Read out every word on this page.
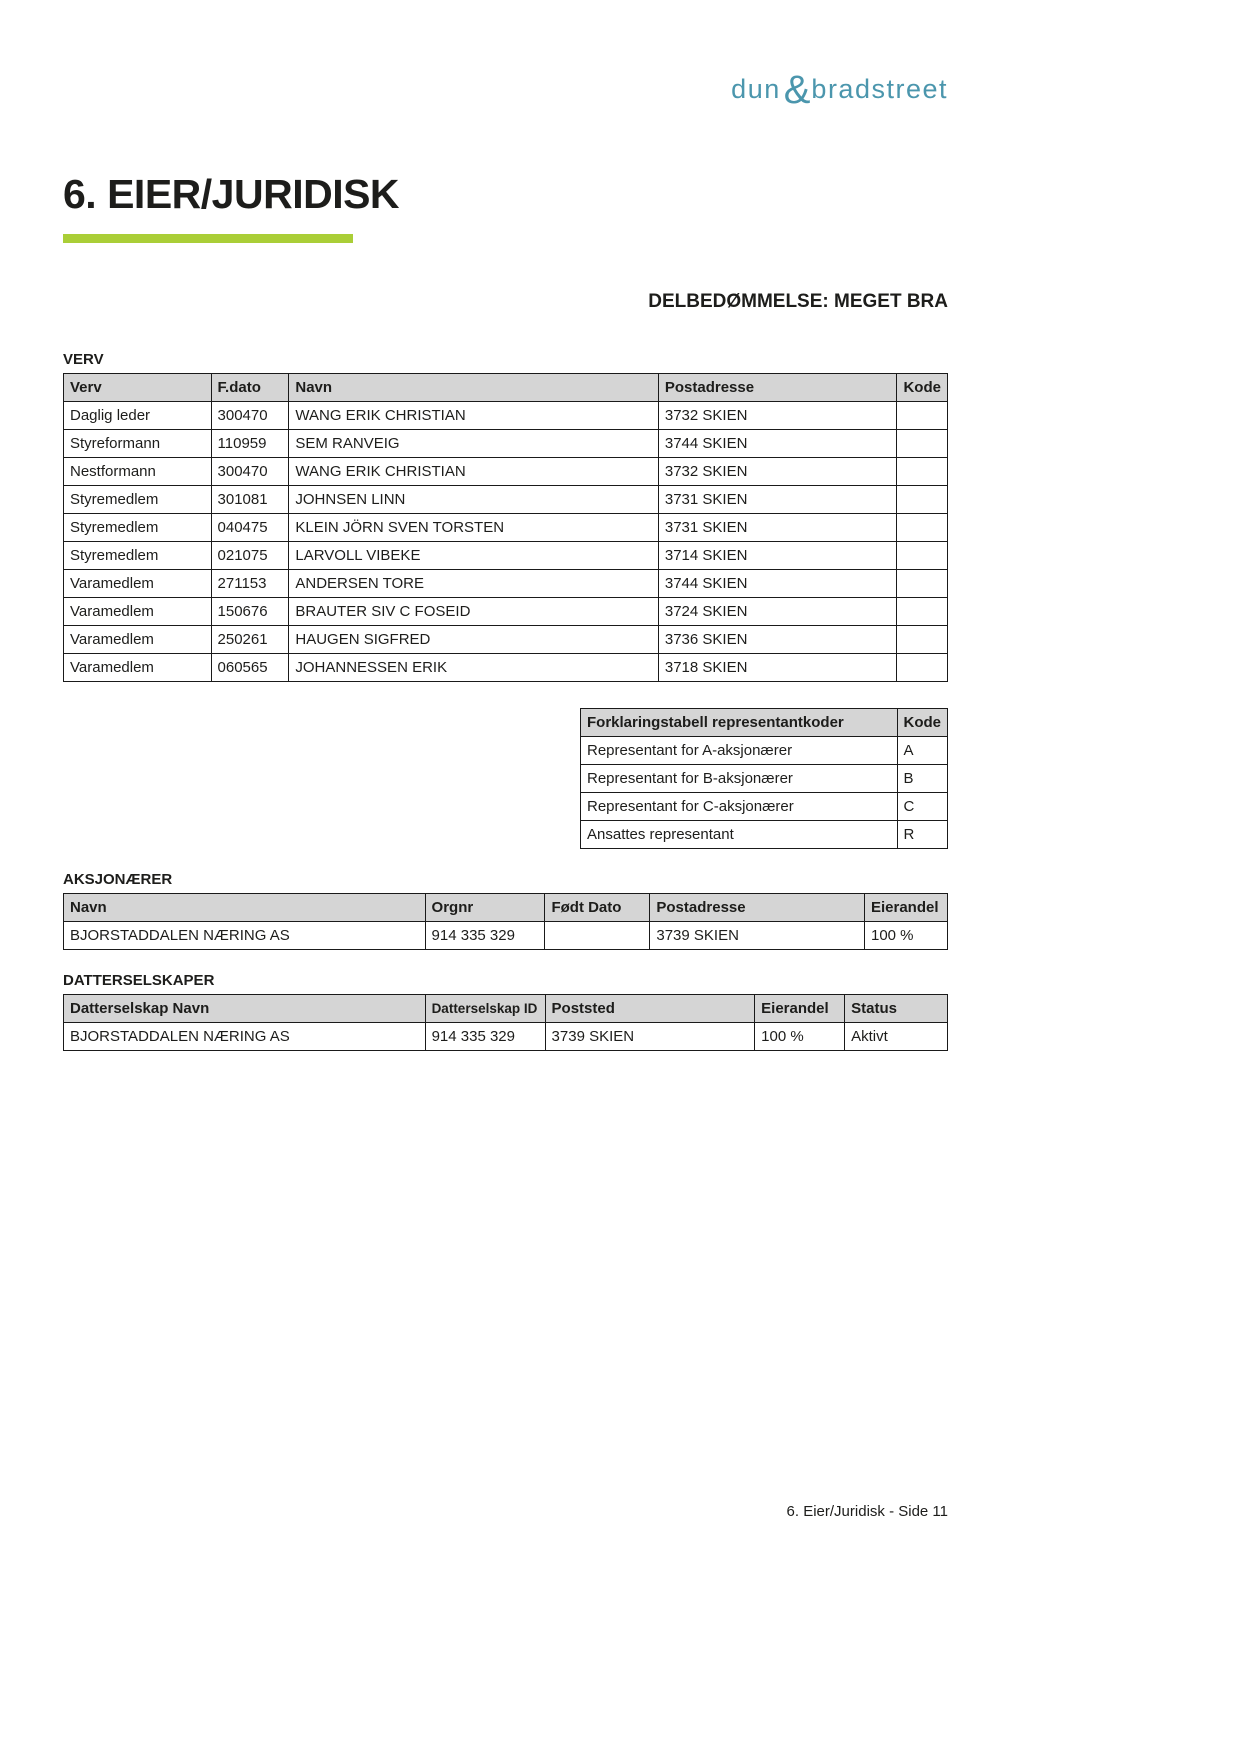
dun&bradstreet
6. EIER/JURIDISK
DELBEDØMMELSE: MEGET BRA
VERV
Verv	F.dato	Navn	Postadresse	Kode
Daglig leder	300470	WANG ERIK CHRISTIAN	3732 SKIEN	
Styreformann	110959	SEM RANVEIG	3744 SKIEN	
Nestformann	300470	WANG ERIK CHRISTIAN	3732 SKIEN	
Styremedlem	301081	JOHNSEN LINN	3731 SKIEN	
Styremedlem	040475	KLEIN JÖRN SVEN TORSTEN	3731 SKIEN	
Styremedlem	021075	LARVOLL VIBEKE	3714 SKIEN	
Varamedlem	271153	ANDERSEN TORE	3744 SKIEN	
Varamedlem	150676	BRAUTER SIV C FOSEID	3724 SKIEN	
Varamedlem	250261	HAUGEN SIGFRED	3736 SKIEN	
Varamedlem	060565	JOHANNESSEN ERIK	3718 SKIEN	
Forklaringstabell representantkoder	Kode
Representant for A-aksjonærer	A
Representant for B-aksjonærer	B
Representant for C-aksjonærer	C
Ansattes representant	R
AKSJONÆRER
Navn	Orgnr	Født Dato	Postadresse	Eierandel
BJORSTADDALEN NÆRING AS	914 335 329		3739 SKIEN	100 %
DATTERSELSKAPER
Datterselskap Navn	Datterselskap ID	Poststed	Eierandel	Status
BJORSTADDALEN NÆRING AS	914 335 329	3739 SKIEN	100 %	Aktivt
6. Eier/Juridisk - Side 11
